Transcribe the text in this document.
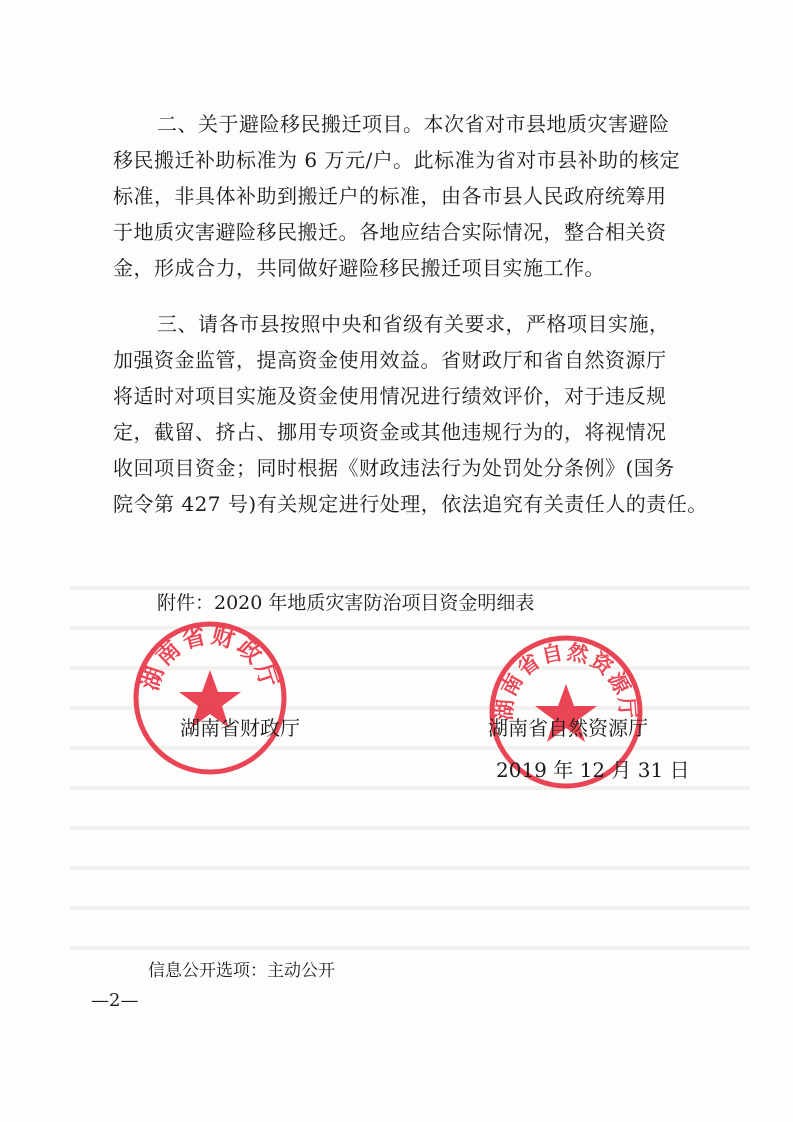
二、关于避险移民搬迁项目。本次省对市县地质灾害避险
移民搬迁补助标准为 6 万元/户。此标准为省对市县补助的核定
标准，非具体补助到搬迁户的标准，由各市县人民政府统筹用
于地质灾害避险移民搬迁。各地应结合实际情况，整合相关资
金，形成合力，共同做好避险移民搬迁项目实施工作。

三、请各市县按照中央和省级有关要求，严格项目实施，
加强资金监管，提高资金使用效益。省财政厅和省自然资源厅
将适时对项目实施及资金使用情况进行绩效评价，对于违反规
定，截留、挤占、挪用专项资金或其他违规行为的，将视情况
收回项目资金；同时根据《财政违法行为处罚处分条例》(国务
院令第 427 号)有关规定进行处理，依法追究有关责任人的责任。

附件：2020 年地质灾害防治项目资金明细表
湖南省财政厅
湖南省自然资源厅
湖南省财政厅	湖南省自然资源厅
2019 年 12 月 31 日
信息公开选项：主动公开
—2—
